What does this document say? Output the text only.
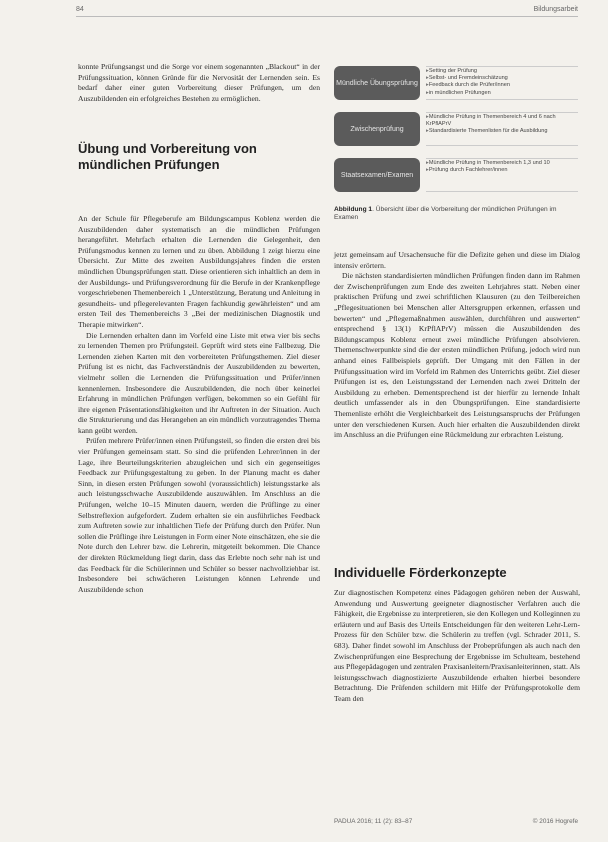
84	Bildungsarbeit

konnte Prüfungsangst und die Sorge vor einem sogenannten „Blackout“ in der Prüfungssituation, können Gründe für die Nervosität der Lernenden sein. Es bedarf daher einer guten Vorbereitung dieser Prüfungen, um den Auszubildenden ein erfolgreiches Bestehen zu ermöglichen.

Übung und Vorbereitung von mündlichen Prüfungen

An der Schule für Pflegeberufe am Bildungscampus Koblenz werden die Auszubildenden daher systematisch an die mündlichen Prüfungen herangeführt. Mehrfach erhalten die Lernenden die Gelegenheit, den Prüfungsmodus kennen zu lernen und zu üben. Abbildung 1 zeigt hierzu eine Übersicht. Zur Mitte des zweiten Ausbildungsjahres finden die ersten mündlichen Übungsprüfungen statt. Diese orientieren sich inhaltlich an dem in der Ausbildungs- und Prüfungsverordnung für die Berufe in der Krankenpflege vorgeschriebenen Themenbereich 1 „Unterstützung, Beratung und Anleitung in gesundheits- und pflegerelevanten Fragen fachkundig gewährleisten“ und am ersten Teil des Themenbereichs 3 „Bei der medizinischen Diagnostik und Therapie mitwirken“.

Die Lernenden erhalten dann im Vorfeld eine Liste mit etwa vier bis sechs zu lernenden Themen pro Prüfungsteil. Geprüft wird stets eine Fallbezug. Die Lernenden ziehen Karten mit den vorbereiteten Prüfungsthemen. Ziel dieser Prüfung ist es nicht, das Fachverständnis der Auszubildenden zu bewerten, vielmehr sollen die Lernenden die Prüfungssituation und Prüfer/innen kennenlernen. Insbesondere die Auszubildenden, die noch über keinerlei Erfahrung in mündlichen Prüfungen verfügen, bekommen so ein Gefühl für ihre eigenen Präsentationsfähigkeiten und ihr Auftreten in der Situation. Auch die Strukturierung und das Herangehen an ein mündlich vorzutragendes Thema kann geübt werden.

Prüfen mehrere Prüfer/innen einen Prüfungsteil, so finden die ersten drei bis vier Prüfungen gemeinsam statt. So sind die prüfenden Lehrer/innen in der Lage, ihre Beurteilungskriterien abzugleichen und sich ein gegenseitiges Feedback zur Prüfungsgestaltung zu geben. In der Planung macht es daher Sinn, in diesen ersten Prüfungen sowohl (voraussichtlich) leistungsstarke als auch leistungsschwache Auszubildende auszuwählen. Im Anschluss an die Prüfungen, welche 10–15 Minuten dauern, werden die Prüflinge zu einer Selbstreflexion aufgefordert. Zudem erhalten sie ein ausführliches Feedback zum Auftreten sowie zur inhaltlichen Tiefe der Prüfung durch den Prüfer. Nun sollen die Prüflinge ihre Leistungen in Form einer Note einschätzen, ehe sie die Note durch den Lehrer bzw. die Lehrerin, mitgeteilt bekommen. Die Chance der direkten Rückmeldung liegt darin, dass das Erlebte noch sehr nah ist und das Feedback für die Schülerinnen und Schüler so besser nachvollziehbar ist. Insbesondere bei schwächeren Leistungen können Lehrende und Auszubildende schon

Mündliche Übungsprüfung
▸ Setting der Prüfung
▸ Selbst- und Fremdeinschätzung
▸ Feedback durch die Prüfer/innen
▸ in mündlichen Prüfungen
Zwischenprüfung
▸ Mündliche Prüfung in Themenbereich 4 und 6 nach KrPflAPrV
▸ Standardisierte Themenlisten für die Ausbildung
Staatsexamen/Examen
▸ Mündliche Prüfung in Themenbereich 1,3 und 10
▸ Prüfung durch Fachlehrer/innen
Abbildung 1. Übersicht über die Vorbereitung der mündlichen Prüfungen im Examen

jetzt gemeinsam auf Ursachensuche für die Defizite gehen und diese im Dialog intensiv erörtern.

Die nächsten standardisierten mündlichen Prüfungen finden dann im Rahmen der Zwischenprüfungen zum Ende des zweiten Lehrjahres statt. Neben einer praktischen Prüfung und zwei schriftlichen Klausuren (zu den Teilbereichen „Pflegesituationen bei Menschen aller Altersgruppen erkennen, erfassen und bewerten“ und „Pflegemaßnahmen auswählen, durchführen und auswerten“ entsprechend § 13(1) KrPflAPrV) müssen die Auszubildenden des Bildungscampus Koblenz erneut zwei mündliche Prüfungen absolvieren. Themenschwerpunkte sind die der ersten mündlichen Prüfung, jedoch wird nun anhand eines Fallbeispiels geprüft. Der Umgang mit den Fällen in der Prüfungssituation wird im Vorfeld im Rahmen des Unterrichts geübt. Ziel dieser Prüfungen ist es, den Leistungsstand der Lernenden nach zwei Dritteln der Ausbildung zu erheben. Dementsprechend ist der hierfür zu lernende Inhalt deutlich umfassender als in den Übungsprüfungen. Eine standardisierte Themenliste erhöht die Vergleichbarkeit des Leistungsanspruchs der Prüfungen unter den verschiedenen Kursen. Auch hier erhalten die Auszubildenden direkt im Anschluss an die Prüfungen eine Rückmeldung zur erbrachten Leistung.

Individuelle Förderkonzepte

Zur diagnostischen Kompetenz eines Pädagogen gehören neben der Auswahl, Anwendung und Auswertung geeigneter diagnostischer Verfahren auch die Fähigkeit, die Ergebnisse zu interpretieren, sie den Kollegen und Kolleginnen zu erläutern und auf Basis des Urteils Entscheidungen für den weiteren Lehr-Lern-Prozess für den Schüler bzw. die Schülerin zu treffen (vgl. Schrader 2011, S. 683). Daher findet sowohl im Anschluss der Probeprüfungen als auch nach den Zwischenprüfungen eine Besprechung der Ergebnisse im Schulteam, bestehend aus Pflegepädagogen und zentralen Praxisanleitern/Praxisanleiterinnen, statt. Als leistungsschwach diagnostizierte Auszubildende erhalten hierbei besondere Betrachtung. Die Prüfenden schildern mit Hilfe der Prüfungsprotokolle dem Team den

PADUA 2016; 11 (2): 83–87	© 2016 Hogrefe
